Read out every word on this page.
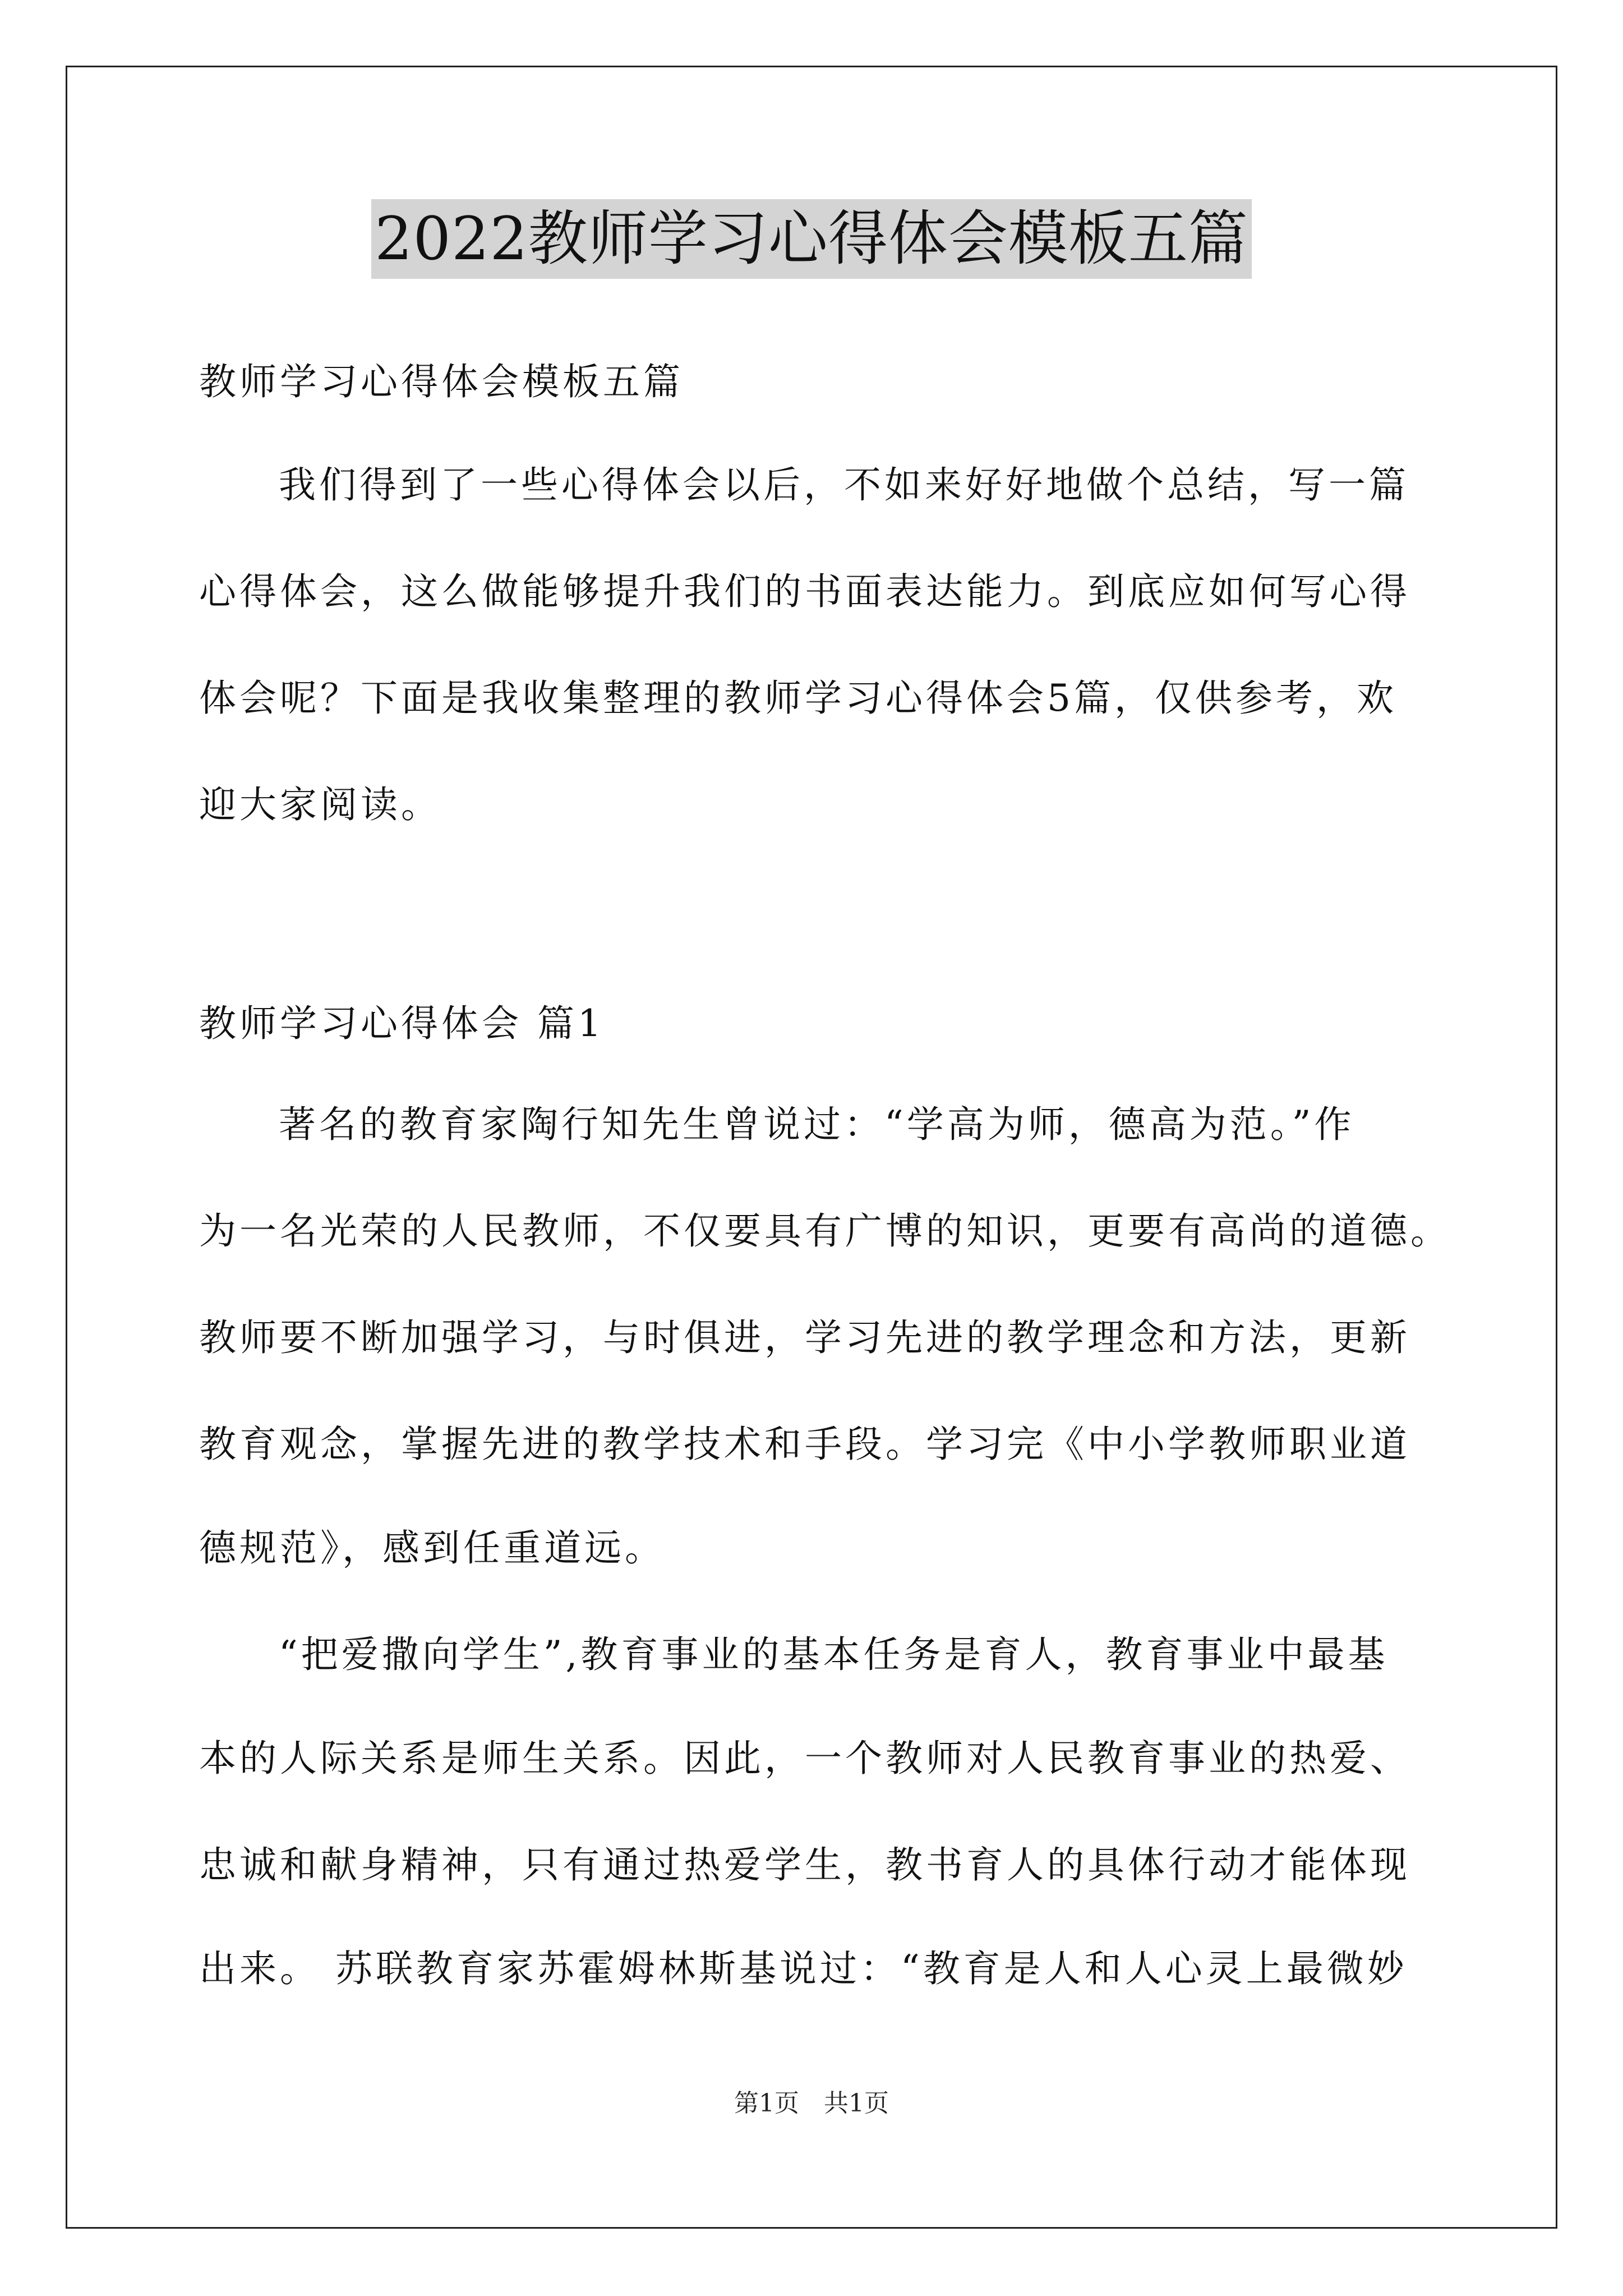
2022教师学习心得体会模板五篇
教师学习心得体会模板五篇
我们得到了一些心得体会以后，不如来好好地做个总结，写一篇
心得体会，这么做能够提升我们的书面表达能力。到底应如何写心得
体会呢？下面是我收集整理的教师学习心得体会5篇，仅供参考，欢
迎大家阅读。
教师学习心得体会 篇1
著名的教育家陶行知先生曾说过：“学高为师，德高为范。”作
为一名光荣的人民教师，不仅要具有广博的知识，更要有高尚的道德。
教师要不断加强学习，与时俱进，学习先进的教学理念和方法，更新
教育观念，掌握先进的教学技术和手段。学习完《中小学教师职业道
德规范》，感到任重道远。
“把爱撒向学生”,教育事业的基本任务是育人，教育事业中最基
本的人际关系是师生关系。因此，一个教师对人民教育事业的热爱、
忠诚和献身精神，只有通过热爱学生，教书育人的具体行动才能体现
出来。 苏联教育家苏霍姆林斯基说过：“教育是人和人心灵上最微妙
第1页　共1页
